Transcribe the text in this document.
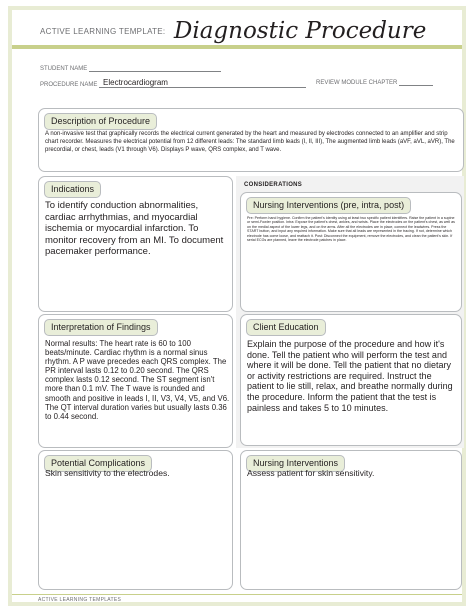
ACTIVE LEARNING TEMPLATE: Diagnostic Procedure
STUDENT NAME
PROCEDURE NAME Electrocardiogram	REVIEW MODULE CHAPTER
Description of Procedure
A non-invasive test that graphically records the electrical current generated by the heart and measured by electrodes connected to an amplifier and strip chart recorder. Measures the electrical potential from 12 different leads: The standard limb leads (I, II, III), The augmented limb leads (aVF, aVL, aVR), The precordial, or chest, leads (V1 through V6). Displays P wave, QRS complex, and T wave.
Indications
To identify conduction abnormalities, cardiac arrhythmias, and myocardial ischemia or myocardial infarction. To monitor recovery from an MI. To document pacemaker performance.
CONSIDERATIONS
Nursing Interventions (pre, intra, post)
Pre: Perform hand hygiene. Confirm the patient's identity using at least two specific patient identifiers. Raise the patient in a supine or semi-Fowler position. Intra: Expose the patient's chest, ankles, and wrists. Place the electrodes on the patient's chest, as well as on the medial aspect of the lower legs, and on the arms. After all the electrodes are in place, connect the leadwires. Press the START button, and input any required information. Make sure that all leads are represented in the tracing. If not, determine which electrode has come loose, and reattach it. Post: Disconnect the equipment, remove the electrodes, and clean the patient's skin. If serial ECGs are planned, leave the electrode patches in place.
Interpretation of Findings
Normal results: The heart rate is 60 to 100 beats/minute. Cardiac rhythm is a normal sinus rhythm. A P wave precedes each QRS complex. The PR interval lasts 0.12 to 0.20 second. The QRS complex lasts 0.12 second. The ST segment isn't more than 0.1 mV. The T wave is rounded and smooth and positive in leads I, II, V3, V4, V5, and V6. The QT interval duration varies but usually lasts 0.36 to 0.44 second.
Client Education
Explain the purpose of the procedure and how it's done. Tell the patient who will perform the test and where it will be done. Tell the patient that no dietary or activity restrictions are required. Instruct the patient to lie still, relax, and breathe normally during the procedure. Inform the patient that the test is painless and takes 5 to 10 minutes.
Potential Complications
Skin sensitivity to the electrodes.
Nursing Interventions
Assess patient for skin sensitivity.
ACTIVE LEARNING TEMPLATES
